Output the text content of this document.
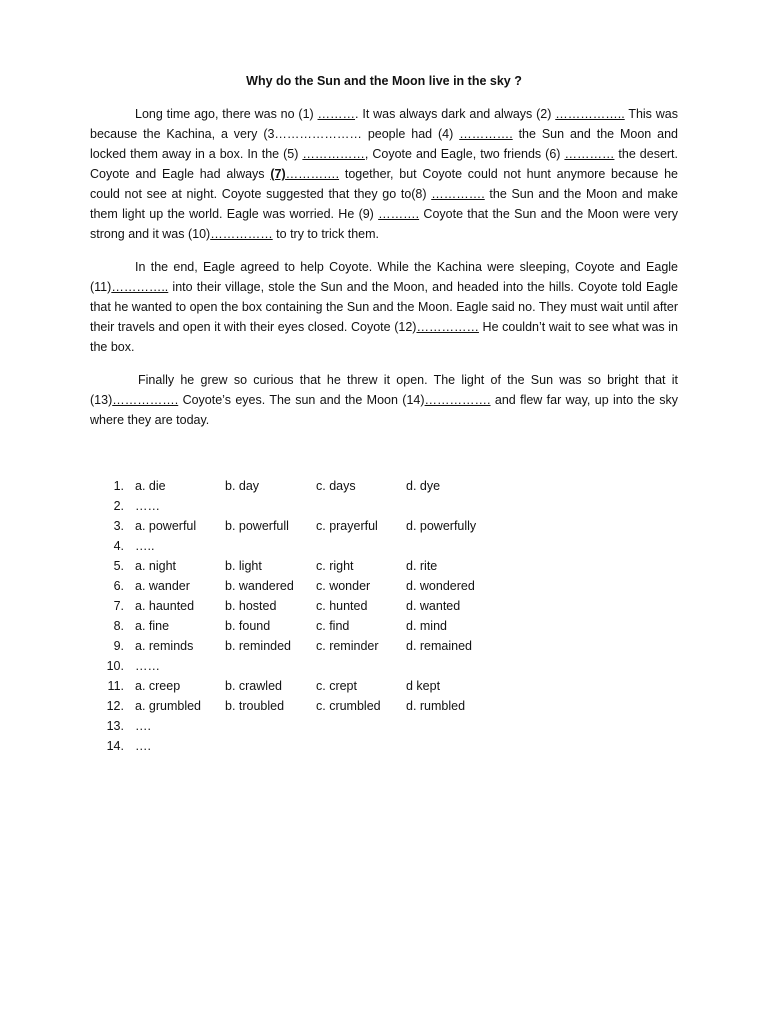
Why do the Sun and the Moon live in the sky ?

Long time ago, there was no (1) ………. It was always dark and always (2) …………….. This was because the Kachina, a very (3………………… people had (4) …………. the Sun and the Moon and locked them away in a box. In the (5) ……………, Coyote and Eagle, two friends (6) ………… the desert. Coyote and Eagle had always (7)…………. together, but Coyote could not hunt anymore because he could not see at night. Coyote suggested that they go to(8) …………. the Sun and the Moon and make them light up the world. Eagle was worried. He (9) ………. Coyote that the Sun and the Moon were very strong and it was (10)…………… to try to trick them.

In the end, Eagle agreed to help Coyote. While the Kachina were sleeping, Coyote and Eagle (11)………….. into their village, stole the Sun and the Moon, and headed into the hills. Coyote told Eagle that he wanted to open the box containing the Sun and the Moon. Eagle said no. They must wait until after their travels and open it with their eyes closed. Coyote (12)…………… He couldn’t wait to see what was in the box.

Finally he grew so curious that he threw it open. The light of the Sun was so bright that it (13)……………. Coyote’s eyes. The sun and the Moon (14)……………. and flew far way, up into the sky where they are today.

1. a. die	b. day	c. days	d. dye
2. ……
3. a. powerful b. powerfull c. prayerful d. powerfully
4. …..
5. a. night	b. light	c. right	d. rite
6. a. wander	b. wandered c. wonder	d. wondered
7. a. haunted b. hosted	c. hunted	d. wanted
8. a. fine	b. found	c. find	d. mind
9. a. reminds	b. reminded c. reminder d. remained
10. ……
11. a. creep	b. crawled	c. crept	d kept
12. a. grumbled b. troubled	c. crumbled d. rumbled
13. ….
14. ….
